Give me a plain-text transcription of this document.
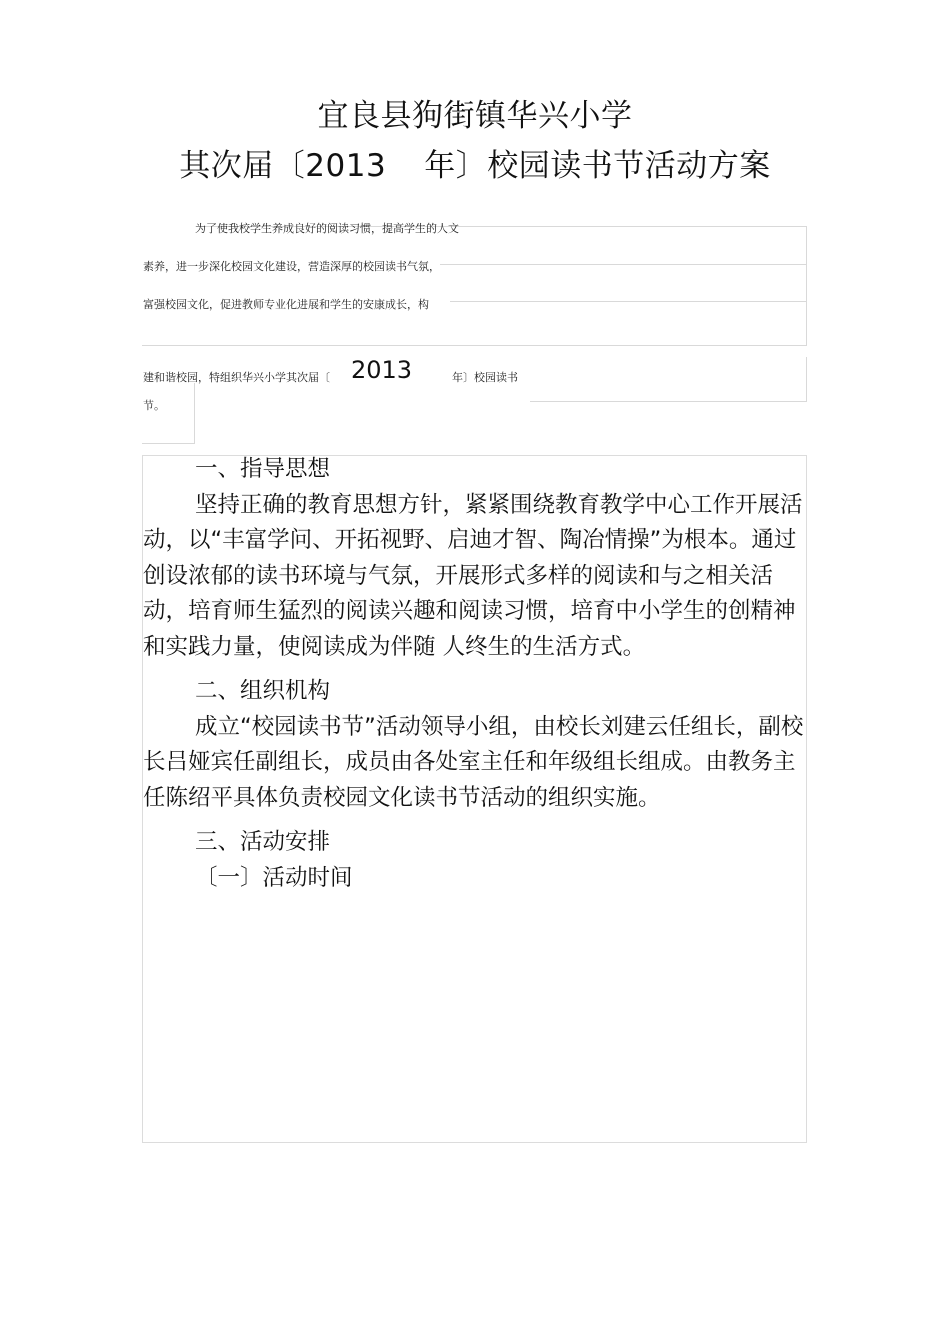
宜良县狗街镇华兴小学
其次届〔2013 年〕校园读书节活动方案
为了使我校学生养成良好的阅读习惯，提高学生的人文
素养，进一步深化校园文化建设，营造深厚的校园读书气氛，
富强校园文化，促进教师专业化进展和学生的安康成长，构
建和谐校园，特组织华兴小学其次届〔 2013	年〕校园读书
节。

一、指导思想

坚持正确的教育思想方针，紧紧围绕教育教学中心工作开展活动，以“丰富学问、开拓视野、启迪才智、陶冶情操”为根本。通过创设浓郁的读书环境与气氛，开展形式多样的阅读和与之相关活动，培育师生猛烈的阅读兴趣和阅读习惯，培育中小学生的创精神和实践力量，使阅读成为伴随 人终生的生活方式。

二、组织机构

成立“校园读书节”活动领导小组，由校长刘建云任组长，副校长吕娅宾任副组长，成员由各处室主任和年级组长组成。由教务主任陈绍平具体负责校园文化读书节活动的组织实施。

三、活动安排

〔一〕活动时间
